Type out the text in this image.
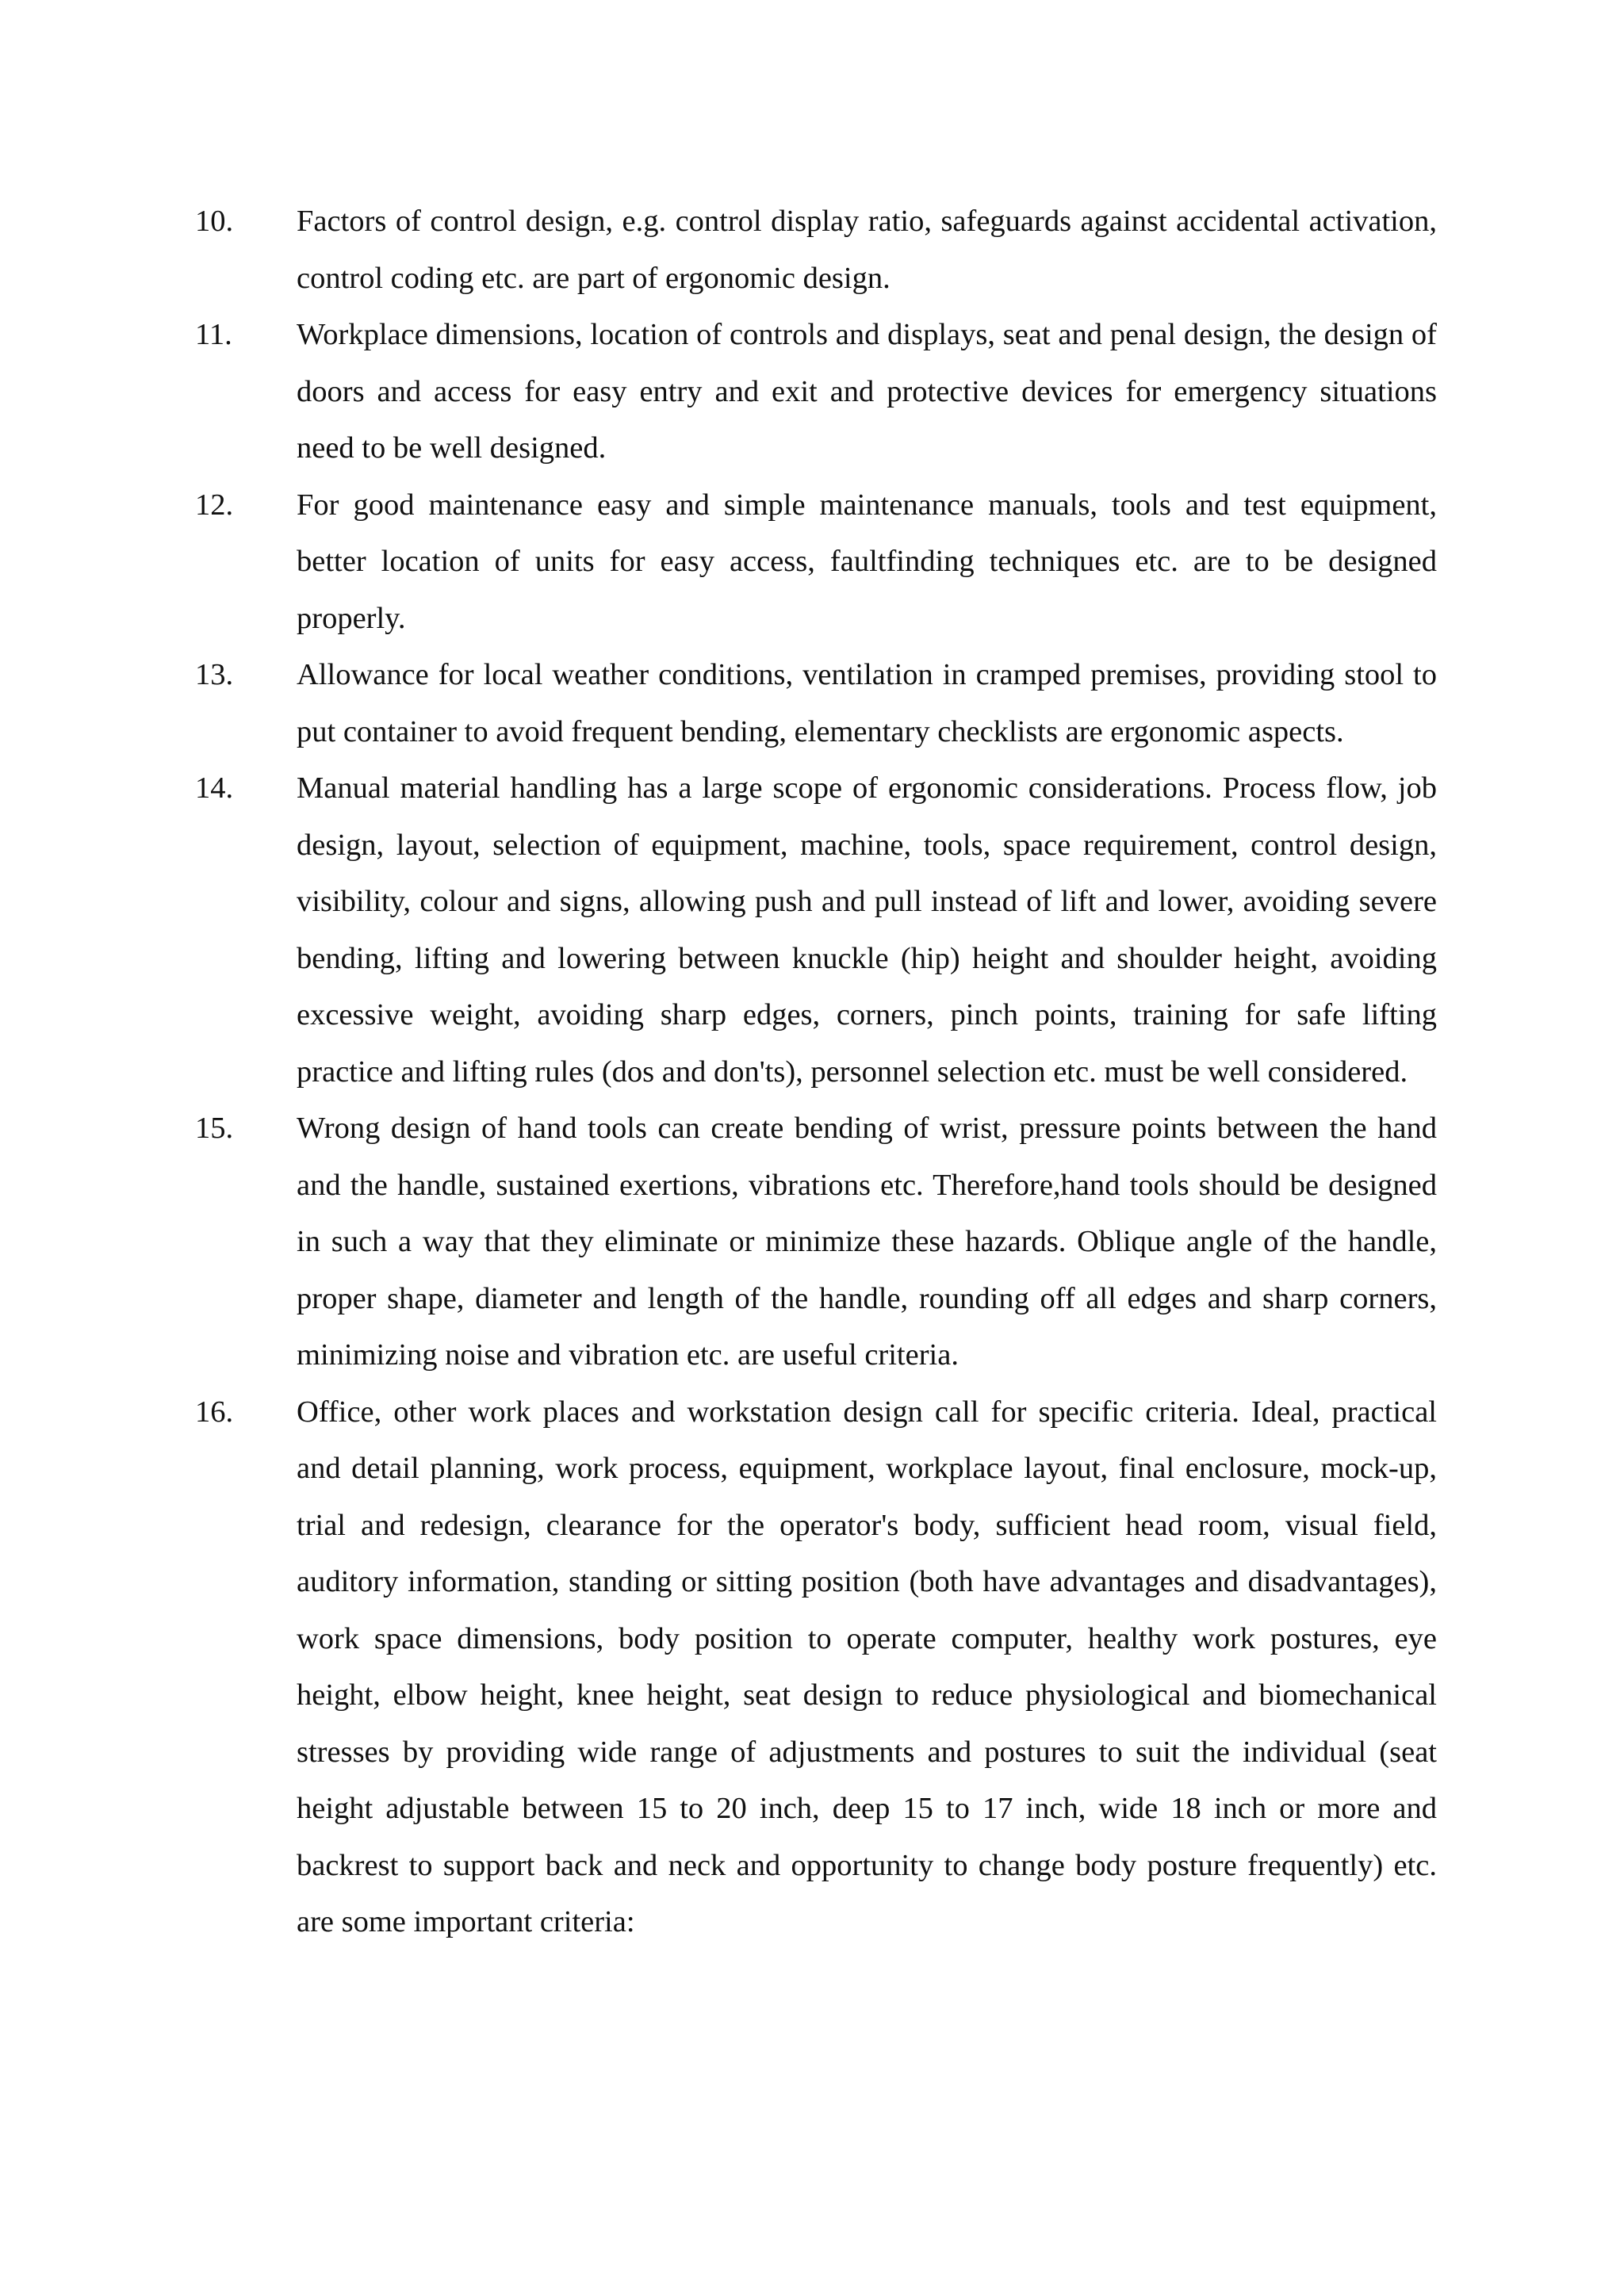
10. Factors of control design, e.g. control display ratio, safeguards against accidental activation, control coding etc. are part of ergonomic design.
11. Workplace dimensions, location of controls and displays, seat and penal design, the design of doors and access for easy entry and exit and protective devices for emergency situations need to be well designed.
12. For good maintenance easy and simple maintenance manuals, tools and test equipment, better location of units for easy access, faultfinding techniques etc. are to be designed properly.
13. Allowance for local weather conditions, ventilation in cramped premises, providing stool to put container to avoid frequent bending, elementary checklists are ergonomic aspects.
14. Manual material handling has a large scope of ergonomic considerations. Process flow, job design, layout, selection of equipment, machine, tools, space requirement, control design, visibility, colour and signs, allowing push and pull instead of lift and lower, avoiding severe bending, lifting and lowering between knuckle (hip) height and shoulder height, avoiding excessive weight, avoiding sharp edges, corners, pinch points, training for safe lifting practice and lifting rules (dos and don'ts), personnel selection etc. must be well considered.
15. Wrong design of hand tools can create bending of wrist, pressure points between the hand and the handle, sustained exertions, vibrations etc. Therefore,hand tools should be designed in such a way that they eliminate or minimize these hazards. Oblique angle of the handle, proper shape, diameter and length of the handle, rounding off all edges and sharp corners, minimizing noise and vibration etc. are useful criteria.
16. Office, other work places and workstation design call for specific criteria. Ideal, practical and detail planning, work process, equipment, workplace layout, final enclosure, mock-up, trial and redesign, clearance for the operator's body, sufficient head room, visual field, auditory information, standing or sitting position (both have advantages and disadvantages), work space dimensions, body position to operate computer, healthy work postures, eye height, elbow height, knee height, seat design to reduce physiological and biomechanical stresses by providing wide range of adjustments and postures to suit the individual (seat height adjustable between 15 to 20 inch, deep 15 to 17 inch, wide 18 inch or more and backrest to support back and neck and opportunity to change body posture frequently) etc. are some important criteria:
